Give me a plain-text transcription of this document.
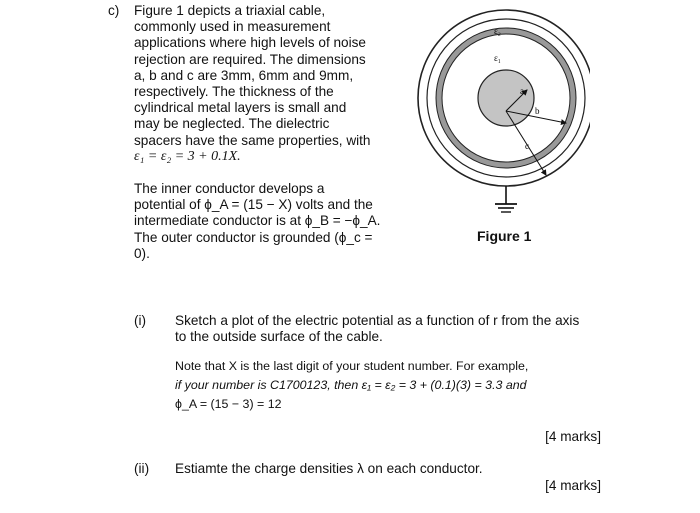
c) Figure 1 depicts a triaxial cable,
commonly used in measurement
applications where high levels of noise
rejection are required. The dimensions
a, b and c are 3mm, 6mm and 9mm,
respectively. The thickness of the
cylindrical metal layers is small and
may be neglected. The dielectric
spacers have the same properties, with
ε₁ = ε₂ = 3 + 0.1X.
The inner conductor develops a
potential of ϕ_A = (15 − X) volts and the
intermediate conductor is at ϕ_B = −ϕ_A.
The outer conductor is grounded (ϕ_c =
0).
ε₂
ε₁
a
b
c
Figure 1
(i) Sketch a plot of the electric potential as a function of r from the axis
to the outside surface of the cable.
Note that X is the last digit of your student number. For example,
if your number is C1700123, then ε₁ = ε₂ = 3 + (0.1)(3) = 3.3 and
ϕ_A = (15 − 3) = 12
[4 marks]
(ii) Estiamte the charge densities λ on each conductor.
[4 marks]
